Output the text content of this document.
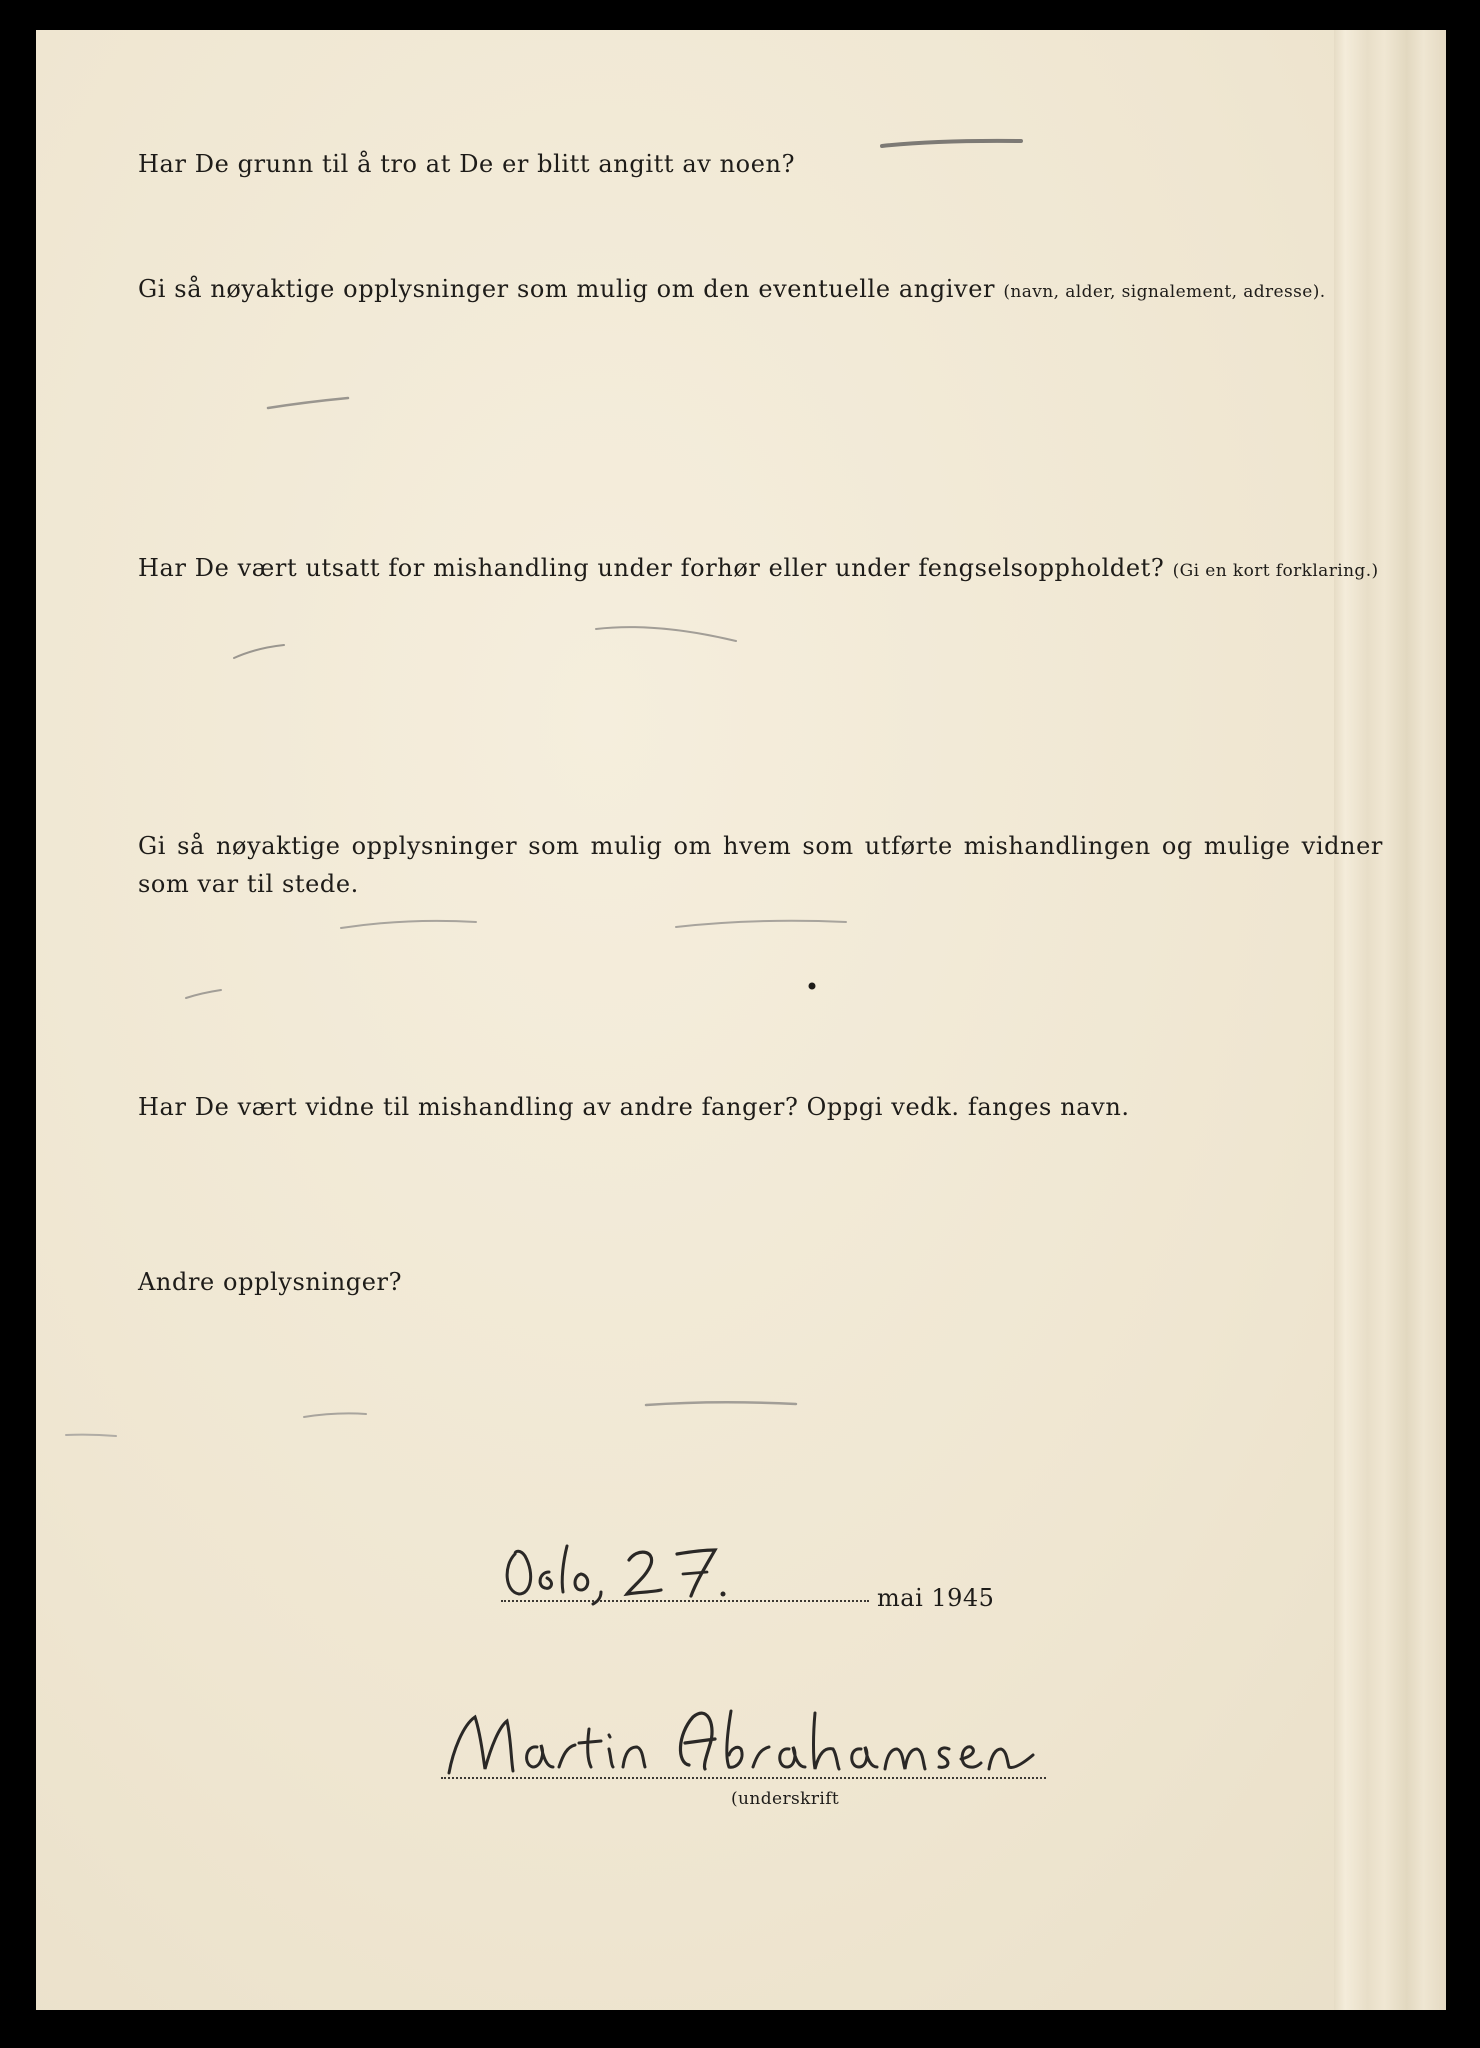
Har De grunn til å tro at De er blitt angitt av noen?

Gi så nøyaktige opplysninger som mulig om den eventuelle angiver (navn, alder, signalement, adresse).

Har De vært utsatt for mishandling under forhør eller under fengselsoppholdet? (Gi en kort forklaring.)

Gi så nøyaktige opplysninger som mulig om hvem som utførte mishandlingen og mulige vidner som var til stede.

Har De vært vidne til mishandling av andre fanger? Oppgi vedk. fanges navn.

Andre opplysninger?

mai 1945
(underskrift
